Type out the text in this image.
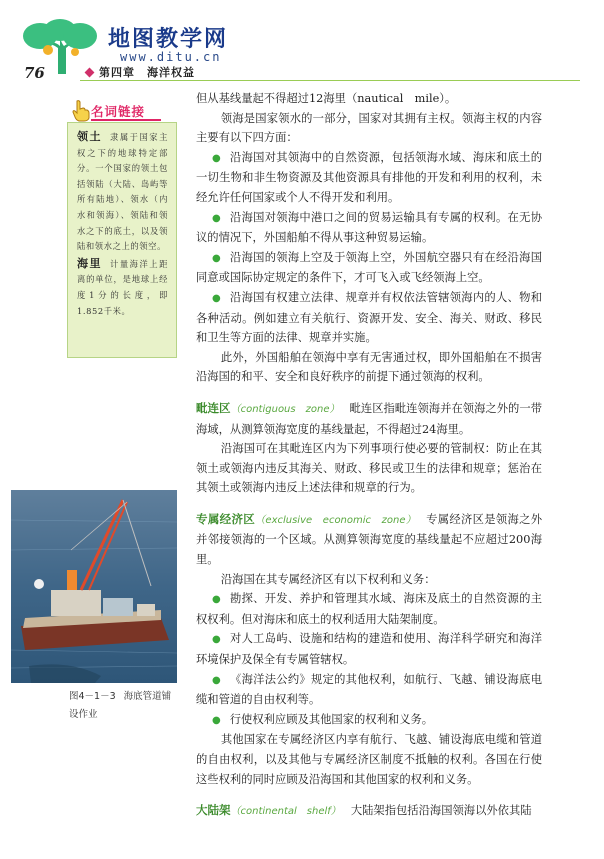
地图教学网
www.ditu.cn
76	第四章　海洋权益
名词链接
领土 隶属于国家主权之下的地球特定部分。一个国家的领土包括领陆（大陆、岛屿等所有陆地）、领水（内水和领海）、领陆和领水之下的底土，以及领陆和领水之上的领空。
海里 计量海洋上距离的单位，是地球上经度1分的长度，即1.852千米。
图4－1－3 海底管道铺设作业

但从基线量起不得超过12海里（nautical　mile）。

领海是国家领水的一部分，国家对其拥有主权。领海主权的内容主要有以下四方面：

● 沿海国对其领海中的自然资源，包括领海水域、海床和底土的一切生物和非生物资源及其他资源具有排他的开发和利用的权利，未经允许任何国家或个人不得开发和利用。

● 沿海国对领海中港口之间的贸易运输具有专属的权利。在无协议的情况下，外国船舶不得从事这种贸易运输。

● 沿海国的领海上空及于领海上空，外国航空器只有在经沿海国同意或国际协定规定的条件下，才可飞入或飞经领海上空。

● 沿海国有权建立法律、规章并有权依法管辖领海内的人、物和各种活动。例如建立有关航行、资源开发、安全、海关、财政、移民和卫生等方面的法律、规章并实施。

此外，外国船舶在领海中享有无害通过权，即外国船舶在不损害沿海国的和平、安全和良好秩序的前提下通过领海的权利。

毗连区（contiguous　zone） 毗连区指毗连领海并在领海之外的一带海域，从测算领海宽度的基线量起，不得超过24海里。

沿海国可在其毗连区内为下列事项行使必要的管制权：防止在其领土或领海内违反其海关、财政、移民或卫生的法律和规章；惩治在其领土或领海内违反上述法律和规章的行为。

专属经济区（exclusive　economic　zone） 专属经济区是领海之外并邻接领海的一个区域。从测算领海宽度的基线量起不应超过200海里。

沿海国在其专属经济区有以下权利和义务：

● 勘探、开发、养护和管理其水域、海床及底土的自然资源的主权权利。但对海床和底土的权利适用大陆架制度。

● 对人工岛屿、设施和结构的建造和使用、海洋科学研究和海洋环境保护及保全有专属管辖权。

● 《海洋法公约》规定的其他权利，如航行、飞越、铺设海底电缆和管道的自由权利等。

● 行使权利应顾及其他国家的权利和义务。

其他国家在专属经济区内享有航行、飞越、铺设海底电缆和管道的自由权利，以及其他与专属经济区制度不抵触的权利。各国在行使这些权利的同时应顾及沿海国和其他国家的权利和义务。

大陆架（continental　shelf） 大陆架指包括沿海国领海以外依其陆
